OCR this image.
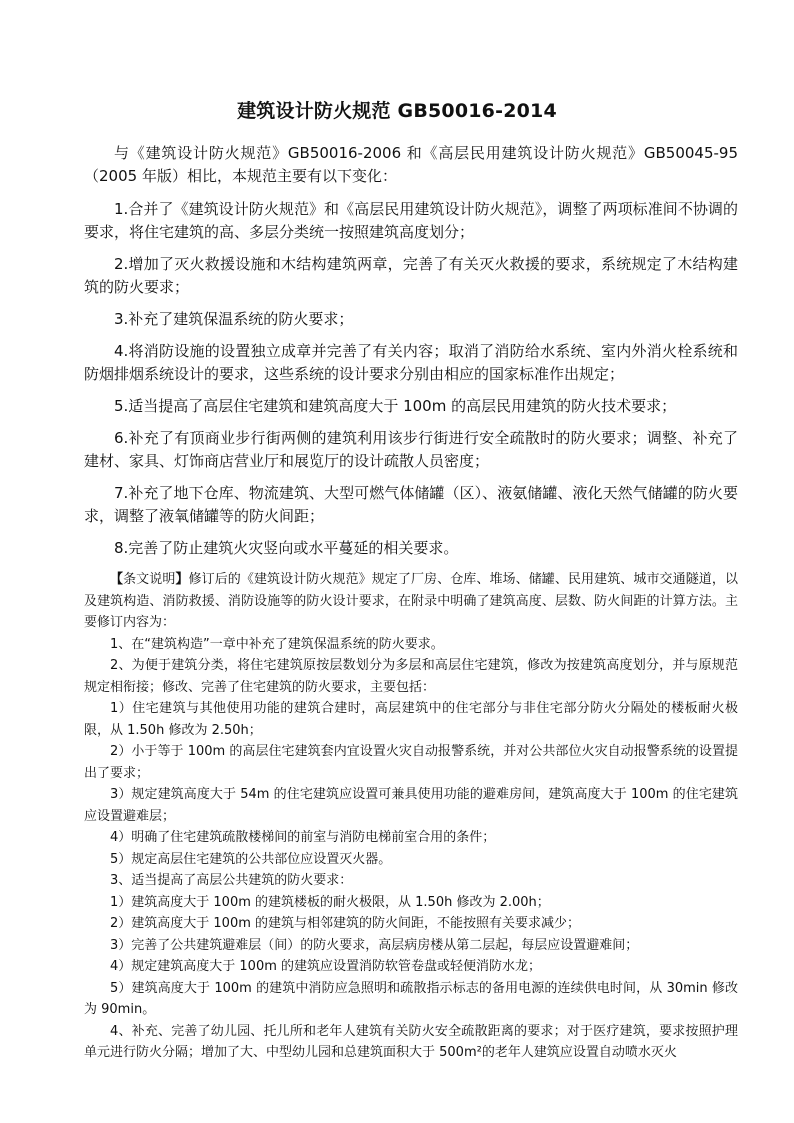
建筑设计防火规范 GB50016-2014

与《建筑设计防火规范》GB50016-2006 和《高层民用建筑设计防火规范》GB50045-95（2005 年版）相比，本规范主要有以下变化：

1.合并了《建筑设计防火规范》和《高层民用建筑设计防火规范》，调整了两项标准间不协调的要求，将住宅建筑的高、多层分类统一按照建筑高度划分；

2.增加了灭火救援设施和木结构建筑两章，完善了有关灭火救援的要求，系统规定了木结构建筑的防火要求；

3.补充了建筑保温系统的防火要求；

4.将消防设施的设置独立成章并完善了有关内容；取消了消防给水系统、室内外消火栓系统和防烟排烟系统设计的要求，这些系统的设计要求分别由相应的国家标准作出规定；

5.适当提高了高层住宅建筑和建筑高度大于 100m 的高层民用建筑的防火技术要求；

6.补充了有顶商业步行街两侧的建筑利用该步行街进行安全疏散时的防火要求；调整、补充了建材、家具、灯饰商店营业厅和展览厅的设计疏散人员密度；

7.补充了地下仓库、物流建筑、大型可燃气体储罐（区）、液氨储罐、液化天然气储罐的防火要求，调整了液氧储罐等的防火间距；

8.完善了防止建筑火灾竖向或水平蔓延的相关要求。

【条文说明】修订后的《建筑设计防火规范》规定了厂房、仓库、堆场、储罐、民用建筑、城市交通隧道，以及建筑构造、消防救援、消防设施等的防火设计要求，在附录中明确了建筑高度、层数、防火间距的计算方法。主要修订内容为：

1、在“建筑构造”一章中补充了建筑保温系统的防火要求。

2、为便于建筑分类，将住宅建筑原按层数划分为多层和高层住宅建筑，修改为按建筑高度划分，并与原规范规定相衔接；修改、完善了住宅建筑的防火要求，主要包括：

1）住宅建筑与其他使用功能的建筑合建时，高层建筑中的住宅部分与非住宅部分防火分隔处的楼板耐火极限，从 1.50h 修改为 2.50h；

2）小于等于 100m 的高层住宅建筑套内宜设置火灾自动报警系统，并对公共部位火灾自动报警系统的设置提出了要求；

3）规定建筑高度大于 54m 的住宅建筑应设置可兼具使用功能的避难房间，建筑高度大于 100m 的住宅建筑应设置避难层；

4）明确了住宅建筑疏散楼梯间的前室与消防电梯前室合用的条件；

5）规定高层住宅建筑的公共部位应设置灭火器。

3、适当提高了高层公共建筑的防火要求：

1）建筑高度大于 100m 的建筑楼板的耐火极限，从 1.50h 修改为 2.00h；

2）建筑高度大于 100m 的建筑与相邻建筑的防火间距，不能按照有关要求减少；

3）完善了公共建筑避难层（间）的防火要求，高层病房楼从第二层起，每层应设置避难间；

4）规定建筑高度大于 100m 的建筑应设置消防软管卷盘或轻便消防水龙；

5）建筑高度大于 100m 的建筑中消防应急照明和疏散指示标志的备用电源的连续供电时间，从 30min 修改为 90min。

4、补充、完善了幼儿园、托儿所和老年人建筑有关防火安全疏散距离的要求；对于医疗建筑，要求按照护理单元进行防火分隔；增加了大、中型幼儿园和总建筑面积大于 500m²的老年人建筑应设置自动喷水灭火
